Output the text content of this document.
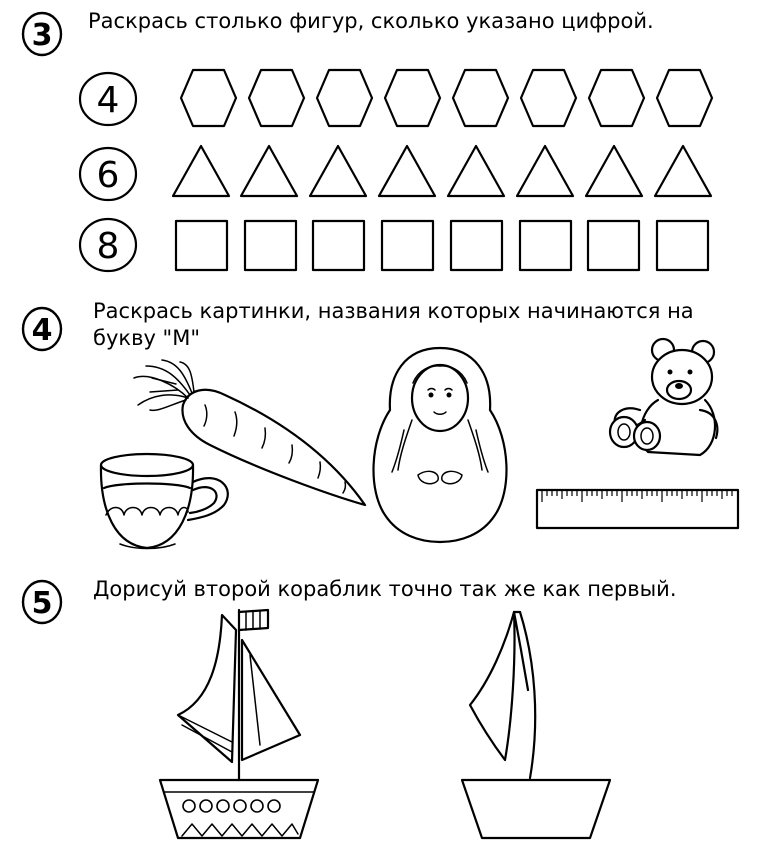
3 Раскрась столько фигур, сколько указано цифрой.
4
6
8
4
Раскрась картинки, названия которых начинаются на
букву "М"
5 Дорисуй второй кораблик точно так же как первый.
